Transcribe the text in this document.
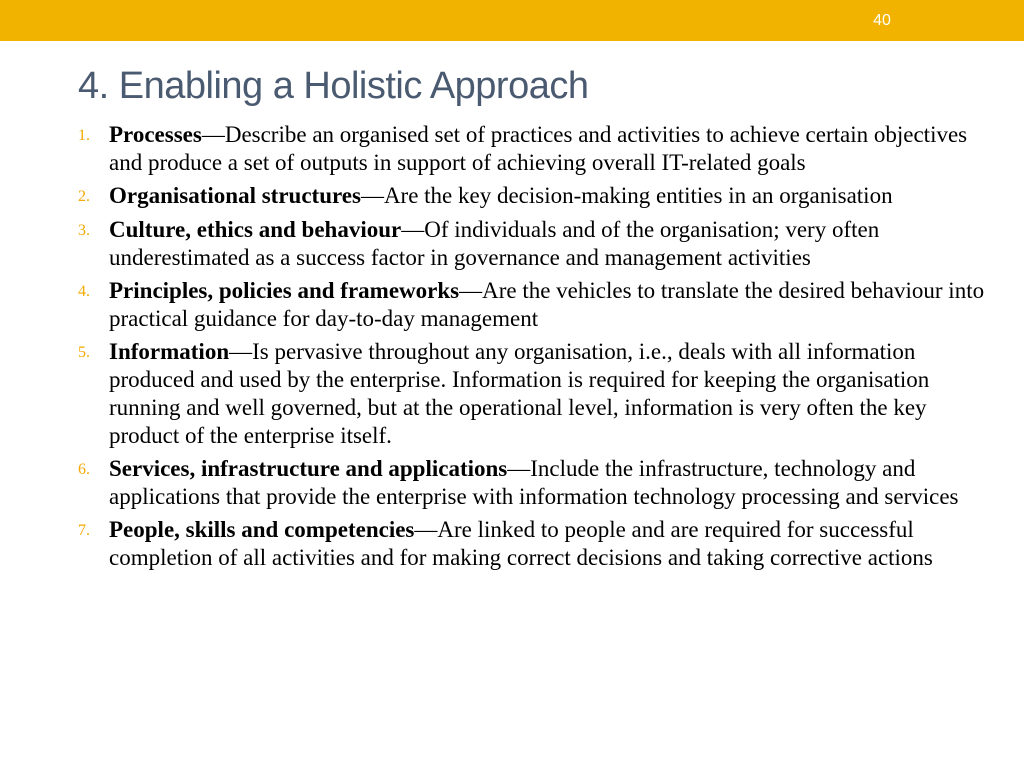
40
4. Enabling a Holistic Approach
1. Processes—Describe an organised set of practices and activities to achieve certain objectives and produce a set of outputs in support of achieving overall IT-related goals
2. Organisational structures—Are the key decision-making entities in an organisation
3. Culture, ethics and behaviour—Of individuals and of the organisation; very often underestimated as a success factor in governance and management activities
4. Principles, policies and frameworks—Are the vehicles to translate the desired behaviour into practical guidance for day-to-day management
5. Information—Is pervasive throughout any organisation, i.e., deals with all information produced and used by the enterprise. Information is required for keeping the organisation running and well governed, but at the operational level, information is very often the key product of the enterprise itself.
6. Services, infrastructure and applications—Include the infrastructure, technology and applications that provide the enterprise with information technology processing and services
7. People, skills and competencies—Are linked to people and are required for successful completion of all activities and for making correct decisions and taking corrective actions
